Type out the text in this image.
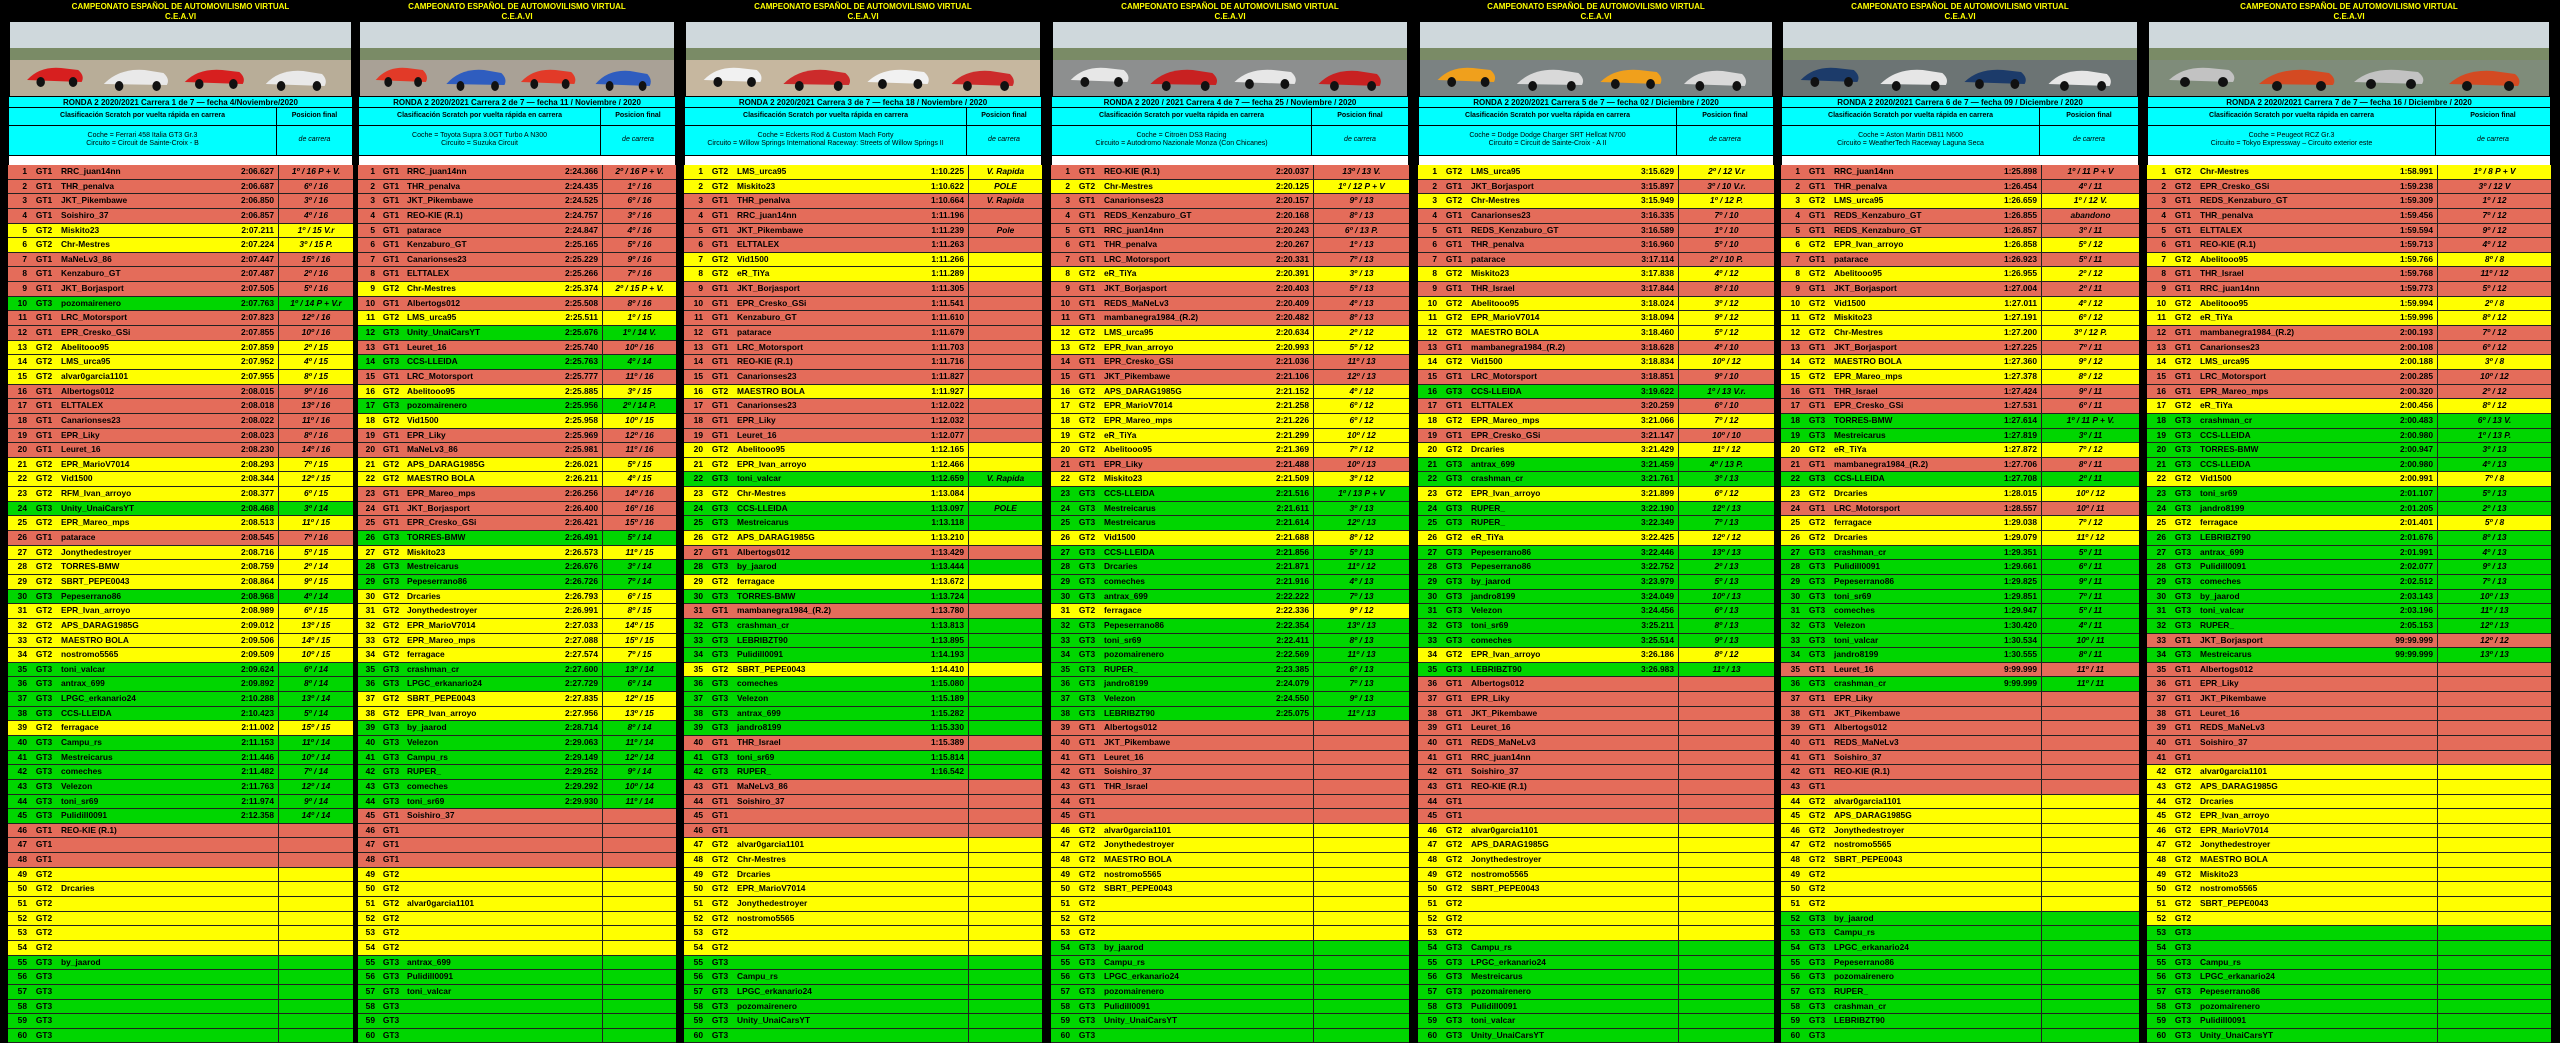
CAMPEONATO ESPAÑOL DE AUTOMOVILISMO VIRTUAL
C.E.A.VI
RONDA 2 2020/2021 Carrera 1 de 7 — fecha 4/Noviembre/2020
Clasificación Scratch por vuelta rápida en carrera	Posicion final
Coche = Ferrari 458 Italia GT3 Gr.3
Circuito = Circuit de Sainte-Croix - B
de carrera
1	GT1	RRC_juan14nn	2:06.627	1º / 16 P + V.
2	GT1	THR_penalva	2:06.687	6º / 16
3	GT1	JKT_Pikembawe	2:06.850	3º / 16
4	GT1	Soishiro_37	2:06.857	4º / 16
5	GT2	Miskito23	2:07.211	1º / 15 V.r
6	GT2	Chr-Mestres	2:07.224	3º / 15 P.
7	GT1	MaNeLv3_86	2:07.447	15º / 16
8	GT1	Kenzaburo_GT	2:07.487	2º / 16
9	GT1	JKT_Borjasport	2:07.505	5º / 16
10	GT3	pozomairenero	2:07.763	1º / 14 P + V.r
11	GT1	LRC_Motorsport	2:07.823	12º / 16
12	GT1	EPR_Cresko_GSi	2:07.855	10º / 16
13	GT2	Abelitooo95	2:07.859	2º / 15
14	GT2	LMS_urca95	2:07.952	4º / 15
15	GT2	alvar0garcia1101	2:07.955	8º / 15
16	GT1	Albertogs012	2:08.015	9º / 16
17	GT1	ELTTALEX	2:08.018	13º / 16
18	GT1	Canarionses23	2:08.022	11º / 16
19	GT1	EPR_Liky	2:08.023	8º / 16
20	GT1	Leuret_16	2:08.230	14º / 16
21	GT2	EPR_MarioV7014	2:08.293	7º / 15
22	GT2	Vid1500	2:08.344	12º / 15
23	GT2	RFM_Ivan_arroyo	2:08.377	6º / 15
24	GT3	Unity_UnaiCarsYT	2:08.468	3º / 14
25	GT2	EPR_Mareo_mps	2:08.513	11º / 15
26	GT1	patarace	2:08.545	7º / 16
27	GT2	Jonythedestroyer	2:08.716	5º / 15
28	GT2	TORRES-BMW	2:08.759	2º / 14
29	GT2	SBRT_PEPE0043	2:08.864	9º / 15
30	GT3	Pepeserrano86	2:08.968	4º / 14
31	GT2	EPR_Ivan_arroyo	2:08.989	6º / 15
32	GT2	APS_DARAG1985G	2:09.012	13º / 15
33	GT2	MAESTRO BOLA	2:09.506	14º / 15
34	GT2	nostromo5565	2:09.509	10º / 15
35	GT3	toni_valcar	2:09.624	6º / 14
36	GT3	antrax_699	2:09.892	8º / 14
37	GT3	LPGC_erkanario24	2:10.288	13º / 14
38	GT3	CCS-LLEIDA	2:10.423	5º / 14
39	GT2	ferragace	2:11.002	15º / 15
40	GT3	Campu_rs	2:11.153	11º / 14
41	GT3	Mestreicarus	2:11.446	10º / 14
42	GT3	comeches	2:11.482	7º / 14
43	GT3	Velezon	2:11.763	12º / 14
44	GT3	toni_sr69	2:11.974	9º / 14
45	GT3	Pulidill0091	2:12.358	14º / 14
46	GT1	REO-KIE (R.1)
47	GT1
48	GT1
49	GT2
50	GT2	Drcaries
51	GT2
52	GT2
53	GT2
54	GT2
55	GT3	by_jaarod
56	GT3
57	GT3
58	GT3
59	GT3
60	GT3
CAMPEONATO ESPAÑOL DE AUTOMOVILISMO VIRTUAL
C.E.A.VI
RONDA 2 2020/2021 Carrera 2 de 7 — fecha 11 / Noviembre / 2020
Clasificación Scratch por vuelta rápida en carrera	Posicion final
Coche = Toyota Supra 3.0GT Turbo A N300
Circuito = Suzuka Circuit
de carrera
1 GT1 RRC_juan14nn	2:24.366	2º / 16 P + V.
2 GT1 THR_penalva	2:24.435	1º / 16
3 GT1 JKT_Pikembawe	2:24.525	6º / 16
4 GT1 REO-KIE (R.1)	2:24.757	3º / 16
5 GT1 patarace	2:24.847	4º / 16
6 GT1 Kenzaburo_GT	2:25.165	5º / 16
7 GT1 Canarionses23	2:25.229	9º / 16
8 GT1 ELTTALEX	2:25.266	7º / 16
9 GT2 Chr-Mestres	2:25.374	2º / 15 P + V.
10 GT1 Albertogs012	2:25.508	8º / 16
11 GT2 LMS_urca95	2:25.511	1º / 15
12 GT3 Unity_UnaiCarsYT	2:25.676	1º / 14 V.
13 GT1 Leuret_16	2:25.740	10º / 16
14 GT3 CCS-LLEIDA	2:25.763	4º / 14
15 GT1 LRC_Motorsport	2:25.777	11º / 16
16 GT2 Abelitooo95	2:25.885	3º / 15
17 GT3 pozomairenero	2:25.956	2º / 14 P.
18 GT2 Vid1500	2:25.958	10º / 15
19 GT1 EPR_Liky	2:25.969	12º / 16
20 GT1 MaNeLv3_86	2:25.981	11º / 16
21 GT2 APS_DARAG1985G	2:26.021	5º / 15
22 GT2 MAESTRO BOLA	2:26.211	4º / 15
23 GT1 EPR_Mareo_mps	2:26.256	14º / 16
24 GT1 JKT_Borjasport	2:26.400	16º / 16
25 GT1 EPR_Cresko_GSi	2:26.421	15º / 16
26 GT3 TORRES-BMW	2:26.491	5º / 14
27 GT2 Miskito23	2:26.573	11º / 15
28 GT3 Mestreicarus	2:26.676	3º / 14
29 GT3 Pepeserrano86	2:26.726	7º / 14
30 GT2 Drcaries	2:26.793	6º / 15
31 GT2 Jonythedestroyer	2:26.991	8º / 15
32 GT2 EPR_MarioV7014	2:27.033	14º / 15
33 GT2 EPR_Mareo_mps	2:27.088	15º / 15
34 GT2 ferragace	2:27.574	7º / 15
35 GT3 crashman_cr	2:27.600	13º / 14
36 GT3 LPGC_erkanario24	2:27.729	6º / 14
37 GT2 SBRT_PEPE0043	2:27.835	12º / 15
38 GT2 EPR_Ivan_arroyo	2:27.956	13º / 15
39 GT3 by_jaarod	2:28.714	8º / 14
40 GT3 Velezon	2:29.063	11º / 14
41 GT3 Campu_rs	2:29.149	12º / 14
42 GT3 RUPER_	2:29.252	9º / 14
43 GT3 comeches	2:29.292	10º / 14
44 GT3 toni_sr69	2:29.930	11º / 14
45 GT1 Soishiro_37
46 GT1
47 GT1
48 GT1
49 GT2
50 GT2
51 GT2 alvar0garcia1101
52 GT2
53 GT2
54 GT2
55 GT3 antrax_699
56 GT3 Pulidill0091
57 GT3 toni_valcar
58 GT3
59 GT3
60 GT3
CAMPEONATO ESPAÑOL DE AUTOMOVILISMO VIRTUAL
C.E.A.VI
RONDA 2 2020/2021 Carrera 3 de 7 — fecha 18 / Noviembre / 2020
Clasificación Scratch por vuelta rápida en carrera	Posicion final
Coche = Eckerts Rod & Custom Mach Forty
Circuito = Willow Springs International Raceway: Streets of Willow Springs II
de carrera
1	GT2	LMS_urca95	1:10.225	V. Rapida
2	GT2	Miskito23	1:10.622	POLE
3	GT1	THR_penalva	1:10.664	V. Rapida
4	GT1	RRC_juan14nn	1:11.196
5	GT1	JKT_Pikembawe	1:11.239	Pole
6	GT1	ELTTALEX	1:11.263
7	GT2	Vid1500	1:11.266
8	GT2	eR_TiYa	1:11.289
9	GT1	JKT_Borjasport	1:11.305
10	GT1	EPR_Cresko_GSi	1:11.541
11	GT1	Kenzaburo_GT	1:11.610
12	GT1	patarace	1:11.679
13	GT1	LRC_Motorsport	1:11.703
14	GT1	REO-KIE (R.1)	1:11.716
15	GT1	Canarionses23	1:11.827
16	GT2	MAESTRO BOLA	1:11.927
17	GT1	Canarionses23	1:12.022
18	GT1	EPR_Liky	1:12.032
19	GT1	Leuret_16	1:12.077
20	GT2	Abelitooo95	1:12.165
21	GT2	EPR_Ivan_arroyo	1:12.466
22	GT3	toni_valcar	1:12.659	V. Rapida
23	GT2	Chr-Mestres	1:13.084
24	GT3	CCS-LLEIDA	1:13.097	POLE
25	GT3	Mestreicarus	1:13.118
26	GT2	APS_DARAG1985G	1:13.210
27	GT1	Albertogs012	1:13.429
28	GT3	by_jaarod	1:13.444
29	GT2	ferragace	1:13.672
30	GT3	TORRES-BMW	1:13.724
31	GT1	mambanegra1984_(R.2)	1:13.780
32	GT3	crashman_cr	1:13.813
33	GT3	LEBRIBZT90	1:13.895
34	GT3	Pulidill0091	1:14.193
35	GT2	SBRT_PEPE0043	1:14.410
36	GT3	comeches	1:15.080
37	GT3	Velezon	1:15.189
38	GT3	antrax_699	1:15.282
39	GT3	jandro8199	1:15.330
40	GT1	THR_Israel	1:15.389
41	GT3	toni_sr69	1:15.814
42	GT3	RUPER_	1:16.542
43	GT1	MaNeLv3_86
44	GT1	Soishiro_37
45	GT1
46	GT1
47	GT2	alvar0garcia1101
48	GT2	Chr-Mestres
49	GT2	Drcaries
50	GT2	EPR_MarioV7014
51	GT2	Jonythedestroyer
52	GT2	nostromo5565
53	GT2
54	GT2
55	GT3
56	GT3	Campu_rs
57	GT3	LPGC_erkanario24
58	GT3	pozomairenero
59	GT3	Unity_UnaiCarsYT
60	GT3
CAMPEONATO ESPAÑOL DE AUTOMOVILISMO VIRTUAL
C.E.A.VI
RONDA 2 2020 / 2021 Carrera 4 de 7 — fecha 25 / Noviembre / 2020
Clasificación Scratch por vuelta rápida en carrera	Posicion final
Coche = Citroën DS3 Racing
Circuito = Autodromo Nazionale Monza (Con Chicanes)
de carrera
1	GT1	REO-KIE (R.1)	2:20.037	13º / 13 V.
2	GT2	Chr-Mestres	2:20.125	1º / 12 P + V
3	GT1	Canarionses23	2:20.157	9º / 13
4	GT1	REDS_Kenzaburo_GT	2:20.168	8º / 13
5	GT1	RRC_juan14nn	2:20.243	6º / 13 P.
6	GT1	THR_penalva	2:20.267	1º / 13
7	GT1	LRC_Motorsport	2:20.331	7º / 13
8	GT2	eR_TiYa	2:20.391	3º / 13
9	GT1	JKT_Borjasport	2:20.403	5º / 13
10	GT1	REDS_MaNeLv3	2:20.409	4º / 13
11	GT1	mambanegra1984_(R.2)	2:20.482	8º / 13
12	GT2	LMS_urca95	2:20.634	2º / 12
13	GT2	EPR_Ivan_arroyo	2:20.993	5º / 12
14	GT1	EPR_Cresko_GSi	2:21.036	11º / 13
15	GT1	JKT_Pikembawe	2:21.106	12º / 13
16	GT2	APS_DARAG1985G	2:21.152	4º / 12
17	GT2	EPR_MarioV7014	2:21.258	6º / 12
18	GT2	EPR_Mareo_mps	2:21.226	6º / 12
19	GT2	eR_TiYa	2:21.299	10º / 12
20	GT2	Abelitooo95	2:21.369	7º / 12
21	GT1	EPR_Liky	2:21.488	10º / 13
22	GT2	Miskito23	2:21.509	3º / 12
23	GT3	CCS-LLEIDA	2:21.516	1º / 13 P + V
24	GT3	Mestreicarus	2:21.611	3º / 13
25	GT3	Mestreicarus	2:21.614	12º / 13
26	GT2	Vid1500	2:21.688	8º / 12
27	GT3	CCS-LLEIDA	2:21.856	5º / 13
28	GT3	Drcaries	2:21.871	11º / 12
29	GT3	comeches	2:21.916	4º / 13
30	GT3	antrax_699	2:22.222	7º / 13
31	GT2	ferragace	2:22.336	9º / 12
32	GT3	Pepeserrano86	2:22.354	13º / 13
33	GT3	toni_sr69	2:22.411	8º / 13
34	GT3	pozomairenero	2:22.569	11º / 13
35	GT3	RUPER_	2:23.385	6º / 13
36	GT3	jandro8199	2:24.079	7º / 13
37	GT3	Velezon	2:24.550	9º / 13
38	GT3	LEBRIBZT90	2:25.075	11º / 13
39	GT1	Albertogs012
40	GT1	JKT_Pikembawe
41	GT1	Leuret_16
42	GT1	Soishiro_37
43	GT1	THR_Israel
44	GT1
45	GT1
46	GT2	alvar0garcia1101
47	GT2	Jonythedestroyer
48	GT2	MAESTRO BOLA
49	GT2	nostromo5565
50	GT2	SBRT_PEPE0043
51	GT2
52	GT2
53	GT2
54	GT3	by_jaarod
55	GT3	Campu_rs
56	GT3	LPGC_erkanario24
57	GT3	pozomairenero
58	GT3	Pulidill0091
59	GT3	Unity_UnaiCarsYT
60	GT3
CAMPEONATO ESPAÑOL DE AUTOMOVILISMO VIRTUAL
C.E.A.VI
RONDA 2 2020/2021 Carrera 5 de 7 — fecha 02 / Diciembre / 2020
Clasificación Scratch por vuelta rápida en carrera	Posicion final
Coche = Dodge Dodge Charger SRT Hellcat N700
Circuito = Circuit de Sainte-Croix - A II
de carrera
1	GT2	LMS_urca95	3:15.629	2º / 12 V.r
2	GT1	JKT_Borjasport	3:15.897	3º / 10 V.r.
3	GT2	Chr-Mestres	3:15.949	1º / 12 P.
4	GT1	Canarionses23	3:16.335	7º / 10
5	GT1	REDS_Kenzaburo_GT	3:16.589	1º / 10
6	GT1	THR_penalva	3:16.960	5º / 10
7	GT1	patarace	3:17.114	2º / 10 P.
8	GT2	Miskito23	3:17.838	4º / 12
9	GT1	THR_Israel	3:17.844	8º / 10
10	GT2	Abelitooo95	3:18.024	3º / 12
11	GT2	EPR_MarioV7014	3:18.094	9º / 12
12	GT2	MAESTRO BOLA	3:18.460	5º / 12
13	GT1	mambanegra1984_(R.2)	3:18.628	4º / 10
14	GT2	Vid1500	3:18.834	10º / 12
15	GT1	LRC_Motorsport	3:18.851	9º / 10
16	GT3	CCS-LLEIDA	3:19.622	1º / 13 V.r.
17	GT1	ELTTALEX	3:20.259	6º / 10
18	GT2	EPR_Mareo_mps	3:21.066	7º / 12
19	GT1	EPR_Cresko_GSi	3:21.147	10º / 10
20	GT2	Drcaries	3:21.429	11º / 12
21	GT3	antrax_699	3:21.459	4º / 13 P.
22	GT3	crashman_cr	3:21.761	3º / 13
23	GT2	EPR_Ivan_arroyo	3:21.899	6º / 12
24	GT3	RUPER_	3:22.190	12º / 13
25	GT3	RUPER_	3:22.349	7º / 13
26	GT2	eR_TiYa	3:22.425	12º / 12
27	GT3	Pepeserrano86	3:22.446	13º / 13
28	GT3	Pepeserrano86	3:22.752	2º / 13
29	GT3	by_jaarod	3:23.979	5º / 13
30	GT3	jandro8199	3:24.049	10º / 13
31	GT3	Velezon	3:24.456	6º / 13
32	GT3	toni_sr69	3:25.211	8º / 13
33	GT3	comeches	3:25.514	9º / 13
34	GT2	EPR_Ivan_arroyo	3:26.186	8º / 12
35	GT3	LEBRIBZT90	3:26.983	11º / 13
36	GT1	Albertogs012
37	GT1	EPR_Liky
38	GT1	JKT_Pikembawe
39	GT1	Leuret_16
40	GT1	REDS_MaNeLv3
41	GT1	RRC_juan14nn
42	GT1	Soishiro_37
43	GT1	REO-KIE (R.1)
44	GT1
45	GT1
46	GT2	alvar0garcia1101
47	GT2	APS_DARAG1985G
48	GT2	Jonythedestroyer
49	GT2	nostromo5565
50	GT2	SBRT_PEPE0043
51	GT2
52	GT2
53	GT2
54	GT3	Campu_rs
55	GT3	LPGC_erkanario24
56	GT3	Mestreicarus
57	GT3	pozomairenero
58	GT3	Pulidill0091
59	GT3	toni_valcar
60	GT3	Unity_UnaiCarsYT
CAMPEONATO ESPAÑOL DE AUTOMOVILISMO VIRTUAL
C.E.A.VI
RONDA 2 2020/2021 Carrera 6 de 7 — fecha 09 / Diciembre / 2020
Clasificación Scratch por vuelta rápida en carrera	Posicion final
Coche = Aston Martin DB11 N600
Circuito = WeatherTech Raceway Laguna Seca
de carrera
1	GT1	RRC_juan14nn	1:25.898	1º / 11 P + V
2	GT1	THR_penalva	1:26.454	4º / 11
3	GT2	LMS_urca95	1:26.659	1º / 12 V.
4	GT1	REDS_Kenzaburo_GT	1:26.855	abandono
5	GT1	REDS_Kenzaburo_GT	1:26.857	3º / 11
6	GT2	EPR_Ivan_arroyo	1:26.858	5º / 12
7	GT1	patarace	1:26.923	5º / 11
8	GT2	Abelitooo95	1:26.955	2º / 12
9	GT1	JKT_Borjasport	1:27.004	2º / 11
10	GT2	Vid1500	1:27.011	4º / 12
11	GT2	Miskito23	1:27.191	6º / 12
12	GT2	Chr-Mestres	1:27.200	3º / 12 P.
13	GT1	JKT_Borjasport	1:27.225	7º / 11
14	GT2	MAESTRO BOLA	1:27.360	9º / 12
15	GT2	EPR_Mareo_mps	1:27.378	8º / 12
16	GT1	THR_Israel	1:27.424	9º / 11
17	GT1	EPR_Cresko_GSi	1:27.531	6º / 11
18	GT3	TORRES-BMW	1:27.614	1º / 11 P + V.
19	GT3	Mestreicarus	1:27.819	3º / 11
20	GT2	eR_TiYa	1:27.872	7º / 12
21	GT1	mambanegra1984_(R.2)	1:27.706	8º / 11
22	GT3	CCS-LLEIDA	1:27.708	2º / 11
23	GT2	Drcaries	1:28.015	10º / 12
24	GT1	LRC_Motorsport	1:28.557	10º / 11
25	GT2	ferragace	1:29.038	7º / 12
26	GT2	Drcaries	1:29.079	11º / 12
27	GT3	crashman_cr	1:29.351	5º / 11
28	GT3	Pulidill0091	1:29.661	6º / 11
29	GT3	Pepeserrano86	1:29.825	9º / 11
30	GT3	toni_sr69	1:29.851	7º / 11
31	GT3	comeches	1:29.947	5º / 11
32	GT3	Velezon	1:30.420	4º / 11
33	GT3	toni_valcar	1:30.534	10º / 11
34	GT3	jandro8199	1:30.555	8º / 11
35	GT1	Leuret_16	9:99.999	11º / 11
36	GT3	crashman_cr	9:99.999	11º / 11
37	GT1	EPR_Liky
38	GT1	JKT_Pikembawe
39	GT1	Albertogs012
40	GT1	REDS_MaNeLv3
41	GT1	Soishiro_37
42	GT1	REO-KIE (R.1)
43	GT1
44	GT2	alvar0garcia1101
45	GT2	APS_DARAG1985G
46	GT2	Jonythedestroyer
47	GT2	nostromo5565
48	GT2	SBRT_PEPE0043
49	GT2
50	GT2
51	GT2
52	GT3	by_jaarod
53	GT3	Campu_rs
54	GT3	LPGC_erkanario24
55	GT3	Pepeserrano86
56	GT3	pozomairenero
57	GT3	RUPER_
58	GT3	crashman_cr
59	GT3	LEBRIBZT90
60	GT3
CAMPEONATO ESPAÑOL DE AUTOMOVILISMO VIRTUAL
C.E.A.VI
RONDA 2 2020/2021 Carrera 7 de 7 — fecha 16 / Diciembre / 2020
Clasificación Scratch por vuelta rápida en carrera	Posicion final
Coche = Peugeot RCZ Gr.3
Circuito = Tokyo Expressway – Circuito exterior este
de carrera
1	GT2	Chr-Mestres	1:58.991	1º / 8 P + V
2	GT2	EPR_Cresko_GSi	1:59.238	3º / 12 V
3	GT1	REDS_Kenzaburo_GT	1:59.309	1º / 12
4	GT1	THR_penalva	1:59.456	7º / 12
5	GT1	ELTTALEX	1:59.594	9º / 12
6	GT1	REO-KIE (R.1)	1:59.713	4º / 12
7	GT2	Abelitooo95	1:59.766	8º / 8
8	GT1	THR_Israel	1:59.768	11º / 12
9	GT1	RRC_juan14nn	1:59.773	5º / 12
10	GT2	Abelitooo95	1:59.994	2º / 8
11	GT2	eR_TiYa	1:59.996	8º / 12
12	GT1	mambanegra1984_(R.2)	2:00.193	7º / 12
13	GT1	Canarionses23	2:00.108	6º / 12
14	GT2	LMS_urca95	2:00.188	3º / 8
15	GT1	LRC_Motorsport	2:00.285	10º / 12
16	GT1	EPR_Mareo_mps	2:00.320	2º / 12
17	GT2	eR_TiYa	2:00.456	8º / 12
18	GT3	crashman_cr	2:00.483	6º / 13 V.
19	GT3	CCS-LLEIDA	2:00.980	1º / 13 P.
20	GT3	TORRES-BMW	2:00.947	3º / 13
21	GT3	CCS-LLEIDA	2:00.980	4º / 13
22	GT2	Vid1500	2:00.991	7º / 8
23	GT3	toni_sr69	2:01.107	5º / 13
24	GT3	jandro8199	2:01.205	2º / 13
25	GT2	ferragace	2:01.401	5º / 8
26	GT3	LEBRIBZT90	2:01.676	8º / 13
27	GT3	antrax_699	2:01.991	4º / 13
28	GT3	Pulidill0091	2:02.077	9º / 13
29	GT3	comeches	2:02.512	7º / 13
30	GT3	by_jaarod	2:03.143	10º / 13
31	GT3	toni_valcar	2:03.196	11º / 13
32	GT3	RUPER_	2:05.153	12º / 13
33	GT1	JKT_Borjasport	99:99.999	12º / 12
34	GT3	Mestreicarus	99:99.999	13º / 13
35	GT1	Albertogs012
36	GT1	EPR_Liky
37	GT1	JKT_Pikembawe
38	GT1	Leuret_16
39	GT1	REDS_MaNeLv3
40	GT1	Soishiro_37
41	GT1
42	GT2	alvar0garcia1101
43	GT2	APS_DARAG1985G
44	GT2	Drcaries
45	GT2	EPR_Ivan_arroyo
46	GT2	EPR_MarioV7014
47	GT2	Jonythedestroyer
48	GT2	MAESTRO BOLA
49	GT2	Miskito23
50	GT2	nostromo5565
51	GT2	SBRT_PEPE0043
52	GT2
53	GT3
54	GT3
55	GT3	Campu_rs
56	GT3	LPGC_erkanario24
57	GT3	Pepeserrano86
58	GT3	pozomairenero
59	GT3	Pulidill0091
60	GT3	Unity_UnaiCarsYT
